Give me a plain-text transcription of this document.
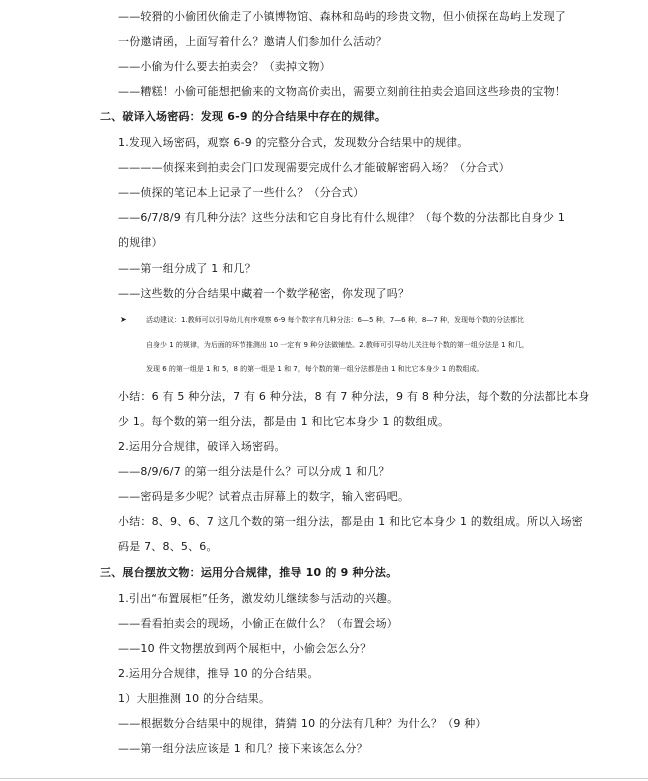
——较猾的小偷团伙偷走了小镇博物馆、森林和岛屿的珍贵文物，但小侦探在岛屿上发现了
一份邀请函，上面写着什么？邀请人们参加什么活动？
——小偷为什么要去拍卖会？（卖掉文物）
——糟糕！小偷可能想把偷来的文物高价卖出，需要立刻前往拍卖会追回这些珍贵的宝物！
二、破译入场密码：发现 6-9 的分合结果中存在的规律。
1.发现入场密码，观察 6-9 的完整分合式，发现数分合结果中的规律。
————侦探来到拍卖会门口发现需要完成什么才能破解密码入场？（分合式）
——侦探的笔记本上记录了一些什么？（分合式）
——6/7/8/9 有几种分法？这些分法和它自身比有什么规律？（每个数的分法都比自身少 1
的规律）
——第一组分成了 1 和几？
——这些数的分合结果中藏着一个数学秘密，你发现了吗？
➤	活动建议：1.教师可以引导幼儿有序观察 6-9 每个数字有几种分法：6—5 种，7—6 种，8—7 种，发现每个数的分法都比
自身少 1 的规律，为后面的环节推测出 10 一定有 9 种分法做铺垫。2.教师可引导幼儿关注每个数的第一组分法是 1 和几，
发现 6 的第一组是 1 和 5，8 的第一组是 1 和 7，每个数的第一组分法都是由 1 和比它本身少 1 的数组成。
小结：6 有 5 种分法，7 有 6 种分法，8 有 7 种分法，9 有 8 种分法，每个数的分法都比本身
少 1。每个数的第一组分法，都是由 1 和比它本身少 1 的数组成。
2.运用分合规律，破译入场密码。
——8/9/6/7 的第一组分法是什么？可以分成 1 和几？
——密码是多少呢？试着点击屏幕上的数字，输入密码吧。
小结：8、9、6、7 这几个数的第一组分法，都是由 1 和比它本身少 1 的数组成。所以入场密
码是 7、8、5、6。
三、展台摆放文物：运用分合规律，推导 10 的 9 种分法。
1.引出“布置展柜”任务，激发幼儿继续参与活动的兴趣。
——看看拍卖会的现场，小偷正在做什么？（布置会场）
——10 件文物摆放到两个展柜中，小偷会怎么分？
2.运用分合规律，推导 10 的分合结果。
1）大胆推测 10 的分合结果。
——根据数分合结果中的规律，猜猜 10 的分法有几种？为什么？（9 种）
——第一组分法应该是 1 和几？接下来该怎么分？
